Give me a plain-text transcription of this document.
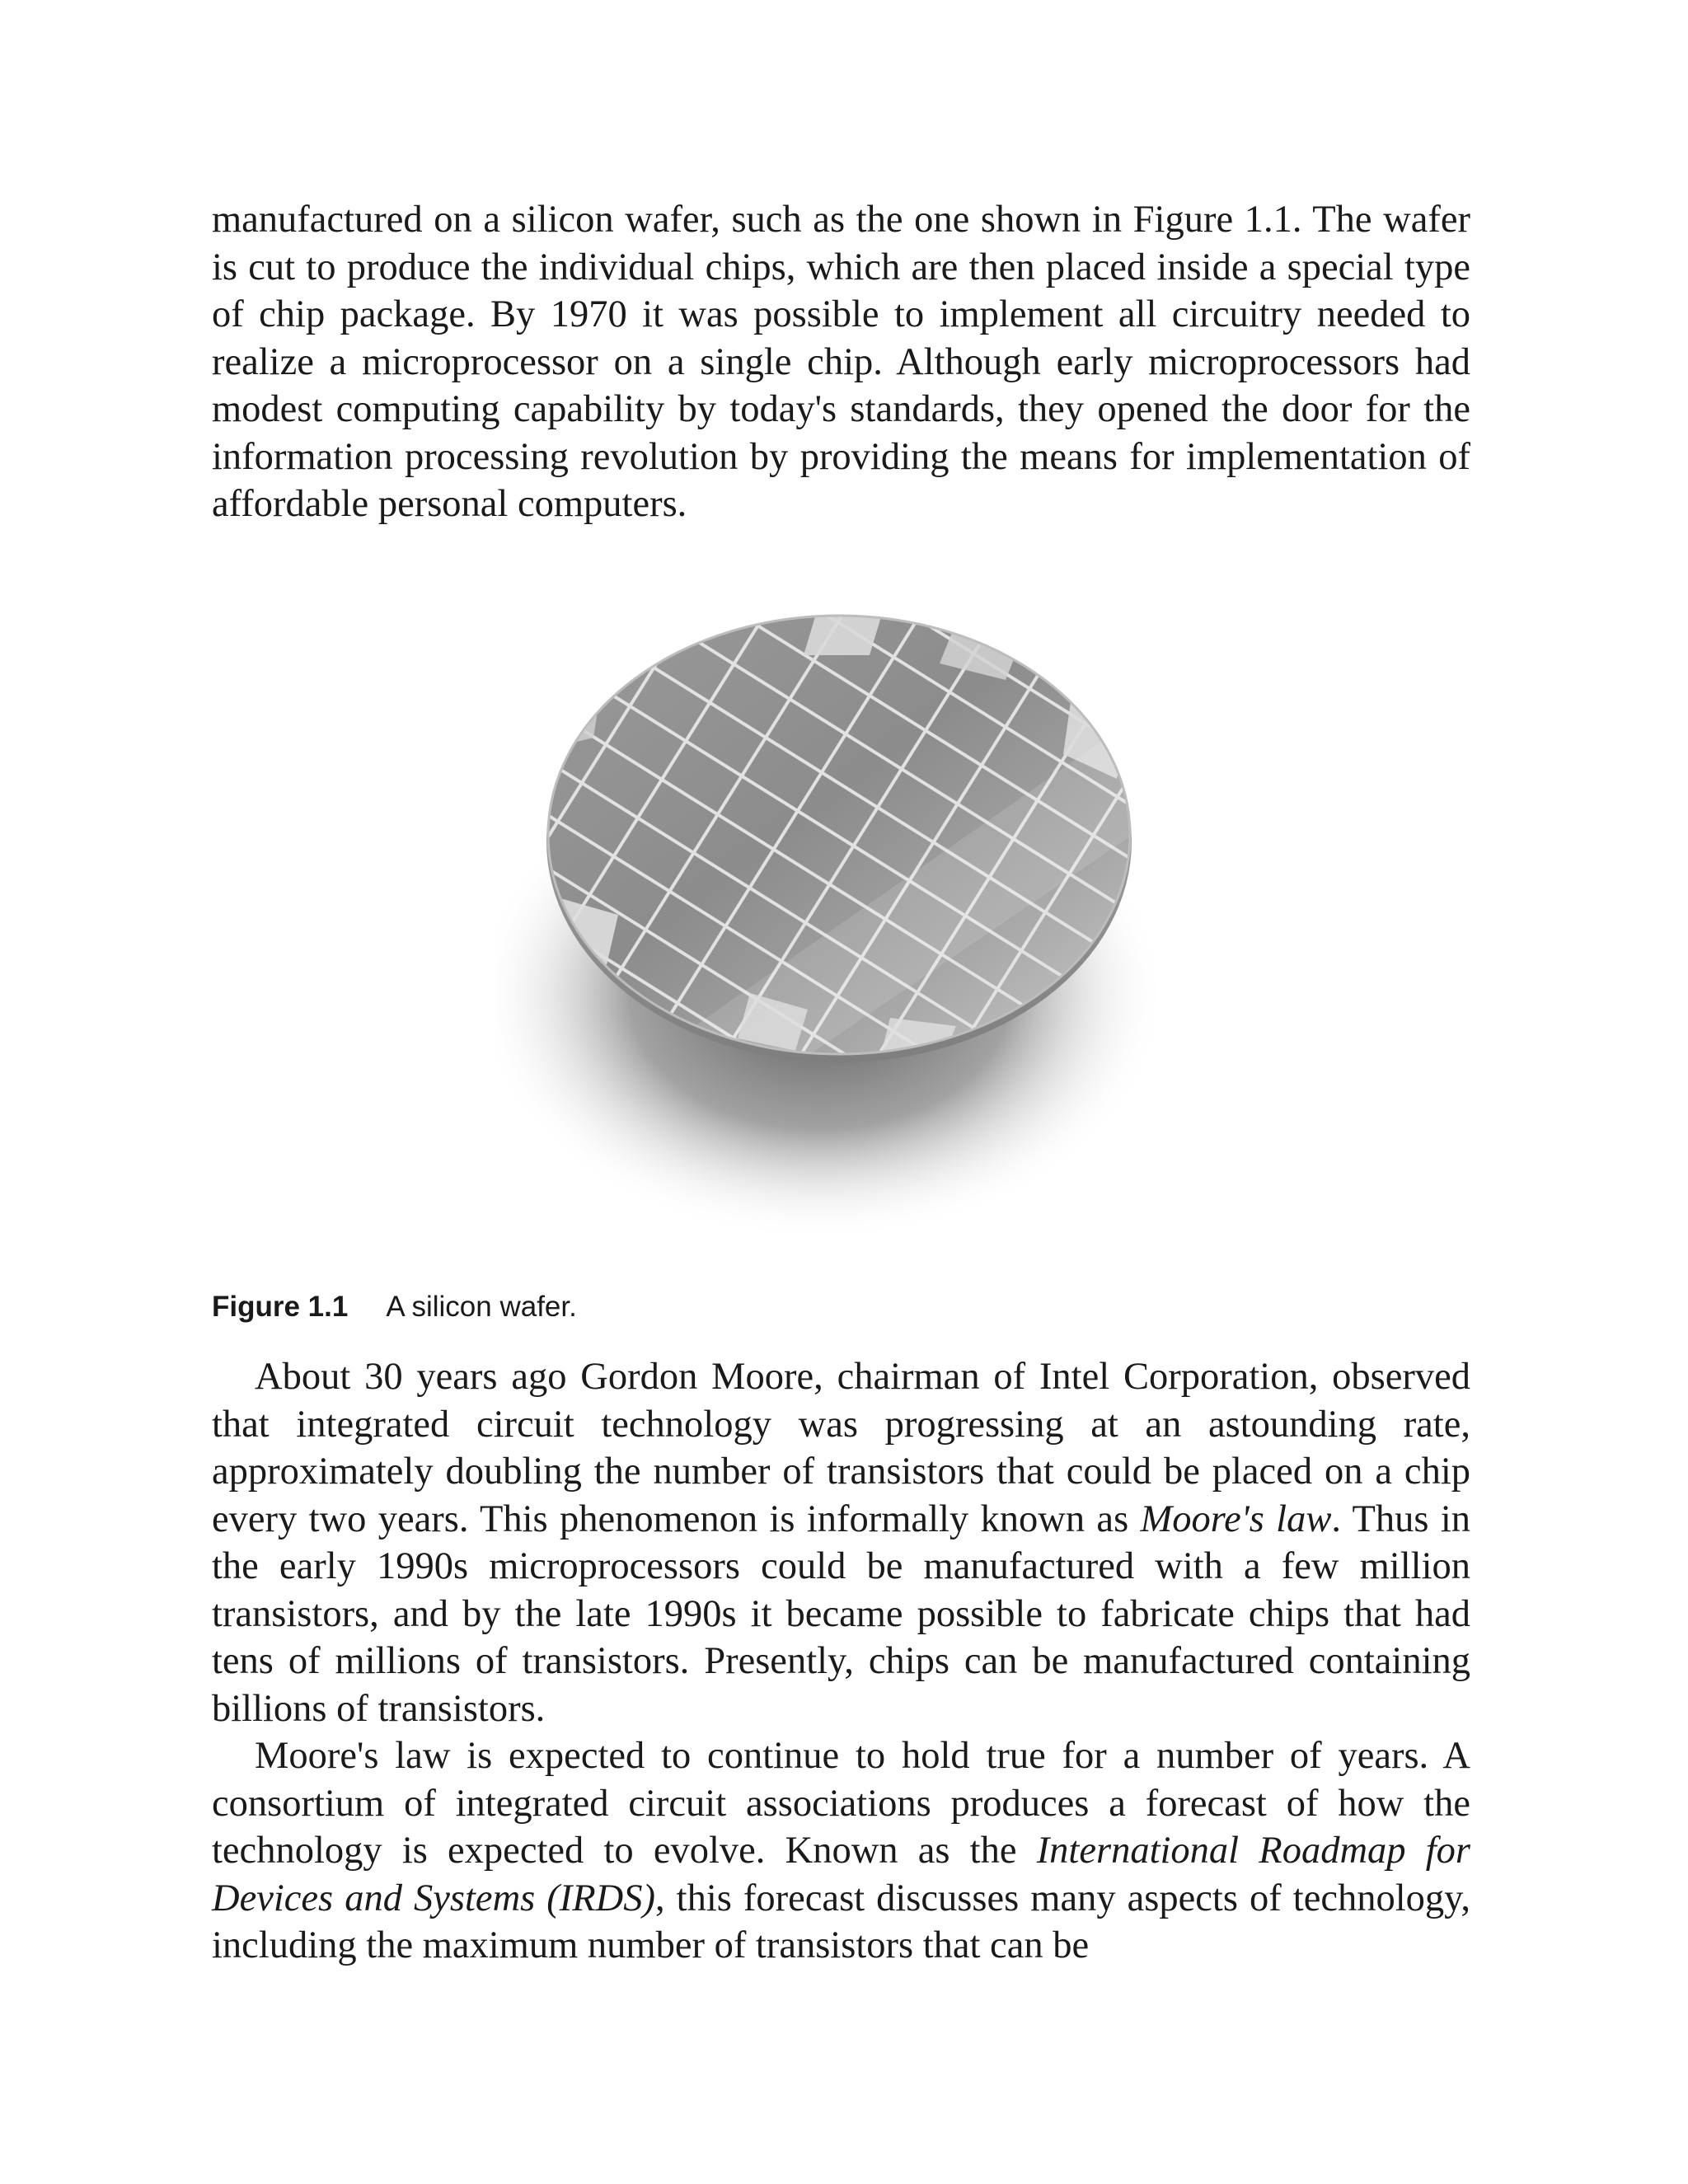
manufactured on a silicon wafer, such as the one shown in Figure 1.1. The wafer is cut to produce the individual chips, which are then placed inside a special type of chip package. By 1970 it was possible to implement all circuitry needed to realize a microprocessor on a single chip. Although early microprocessors had modest computing capability by today's standards, they opened the door for the information processing revolution by providing the means for implementation of affordable personal computers.

Figure 1.1 A silicon wafer.

About 30 years ago Gordon Moore, chairman of Intel Corporation, observed that integrated circuit technology was progressing at an astounding rate, approximately doubling the number of transistors that could be placed on a chip every two years. This phenomenon is informally known as Moore's law. Thus in the early 1990s microprocessors could be manufactured with a few million transistors, and by the late 1990s it became possible to fabricate chips that had tens of millions of transistors. Presently, chips can be manufactured containing billions of transistors.

Moore's law is expected to continue to hold true for a number of years. A consortium of integrated circuit associations produces a forecast of how the technology is expected to evolve. Known as the International Roadmap for Devices and Systems (IRDS), this forecast discusses many aspects of technology, including the maximum number of transistors that can be
